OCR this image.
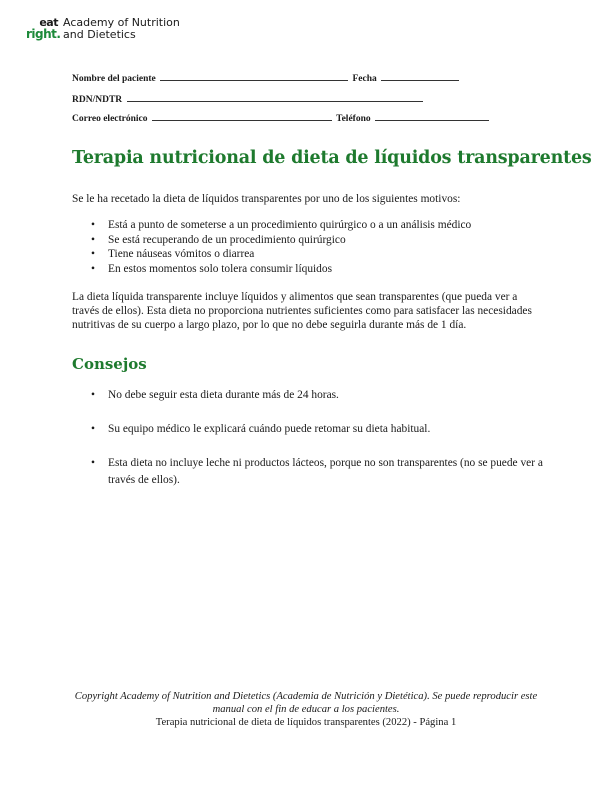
eat
right.
Academy of Nutrition
and Dietetics
Nombre del paciente	Fecha
RDN/NDTR
Correo electrónico	Teléfono
Terapia nutricional de dieta de líquidos transparentes

Se le ha recetado la dieta de líquidos transparentes por uno de los siguientes motivos:

• Está a punto de someterse a un procedimiento quirúrgico o a un análisis médico
• Se está recuperando de un procedimiento quirúrgico
• Tiene náuseas vómitos o diarrea
• En estos momentos solo tolera consumir líquidos

La dieta líquida transparente incluye líquidos y alimentos que sean transparentes (que pueda ver a través de ellos). Esta dieta no proporciona nutrientes suficientes como para satisfacer las necesidades nutritivas de su cuerpo a largo plazo, por lo que no debe seguirla durante más de 1 día.

Consejos
• No debe seguir esta dieta durante más de 24 horas.
• Su equipo médico le explicará cuándo puede retomar su dieta habitual.
• Esta dieta no incluye leche ni productos lácteos, porque no son transparentes (no se puede ver a través de ellos).
Copyright Academy of Nutrition and Dietetics (Academia de Nutrición y Dietética). Se puede reproducir este manual con el fin de educar a los pacientes.
Terapia nutricional de dieta de líquidos transparentes (2022) - Página 1
